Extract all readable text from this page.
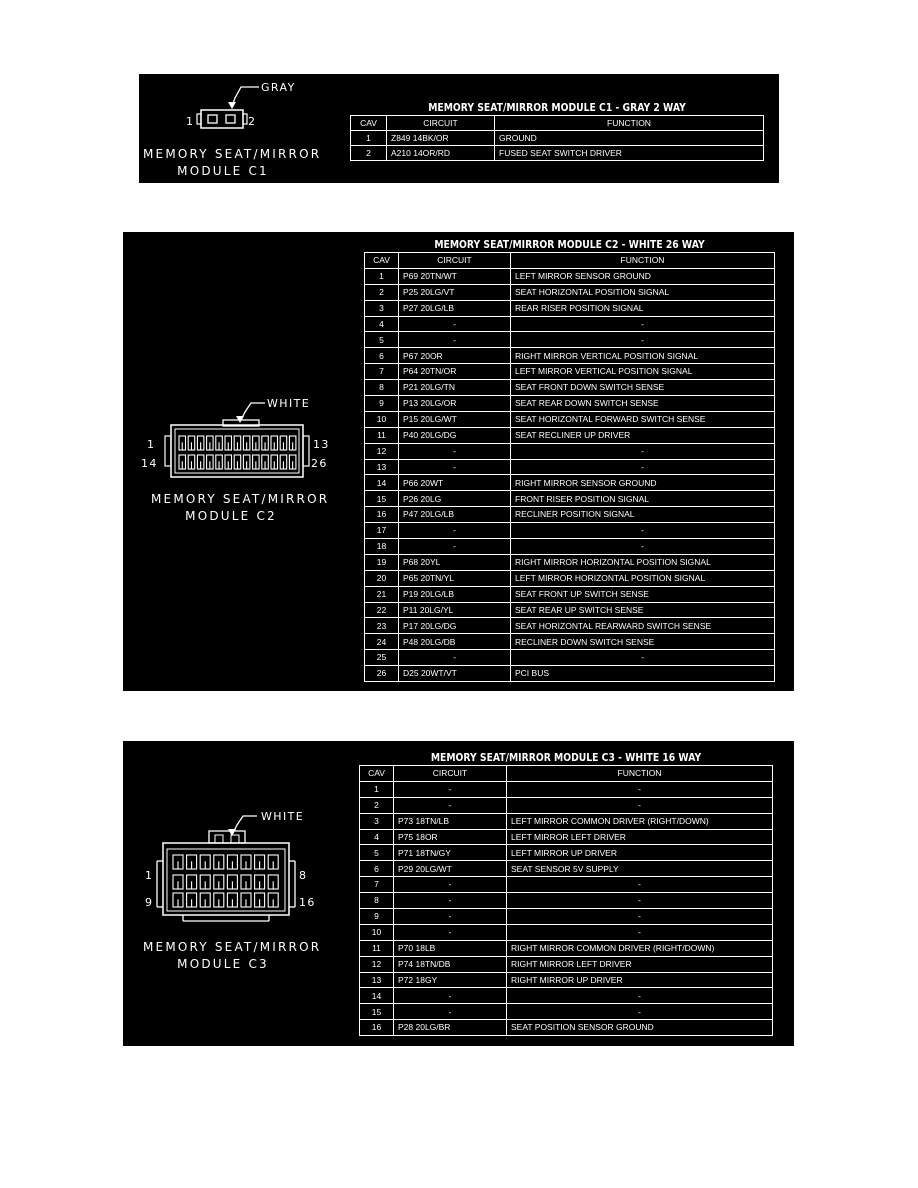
GRAY
1	2
MEMORY SEAT/MIRROR
MODULE C1
MEMORY SEAT/MIRROR MODULE C1 - GRAY 2 WAY
CAV	CIRCUIT	FUNCTION
1	Z849 14BK/OR	GROUND
2	A210 14OR/RD	FUSED SEAT SWITCH DRIVER
WHITE
1	13
14	26
MEMORY SEAT/MIRROR
MODULE C2
MEMORY SEAT/MIRROR MODULE C2 - WHITE 26 WAY
CAV	CIRCUIT	FUNCTION
1	P69 20TN/WT	LEFT MIRROR SENSOR GROUND
2	P25 20LG/VT	SEAT HORIZONTAL POSITION SIGNAL
3	P27 20LG/LB	REAR RISER POSITION SIGNAL
4	-	-
5	-	-
6	P67 20OR	RIGHT MIRROR VERTICAL POSITION SIGNAL
7	P64 20TN/OR	LEFT MIRROR VERTICAL POSITION SIGNAL
8	P21 20LG/TN	SEAT FRONT DOWN SWITCH SENSE
9	P13 20LG/OR	SEAT REAR DOWN SWITCH SENSE
10	P15 20LG/WT	SEAT HORIZONTAL FORWARD SWITCH SENSE
11	P40 20LG/DG	SEAT RECLINER UP DRIVER
12	-	-
13	-	-
14	P66 20WT	RIGHT MIRROR SENSOR GROUND
15	P26 20LG	FRONT RISER POSITION SIGNAL
16	P47 20LG/LB	RECLINER POSITION SIGNAL
17	-	-
18	-	-
19	P68 20YL	RIGHT MIRROR HORIZONTAL POSITION SIGNAL
20	P65 20TN/YL	LEFT MIRROR HORIZONTAL POSITION SIGNAL
21	P19 20LG/LB	SEAT FRONT UP SWITCH SENSE
22	P11 20LG/YL	SEAT REAR UP SWITCH SENSE
23	P17 20LG/DG	SEAT HORIZONTAL REARWARD SWITCH SENSE
24	P48 20LG/DB	RECLINER DOWN SWITCH SENSE
25	-	-
26	D25 20WT/VT	PCI BUS
WHITE
1	8
9	16
MEMORY SEAT/MIRROR
MODULE C3
MEMORY SEAT/MIRROR MODULE C3 - WHITE 16 WAY
CAV	CIRCUIT	FUNCTION
1	-	-
2	-	-
3	P73 18TN/LB	LEFT MIRROR COMMON DRIVER (RIGHT/DOWN)
4	P75 18OR	LEFT MIRROR LEFT DRIVER
5	P71 18TN/GY	LEFT MIRROR UP DRIVER
6	P29 20LG/WT	SEAT SENSOR 5V SUPPLY
7	-	-
8	-	-
9	-	-
10	-	-
11	P70 18LB	RIGHT MIRROR COMMON DRIVER (RIGHT/DOWN)
12	P74 18TN/DB	RIGHT MIRROR LEFT DRIVER
13	P72 18GY	RIGHT MIRROR UP DRIVER
14	-	-
15	-	-
16	P28 20LG/BR	SEAT POSITION SENSOR GROUND
